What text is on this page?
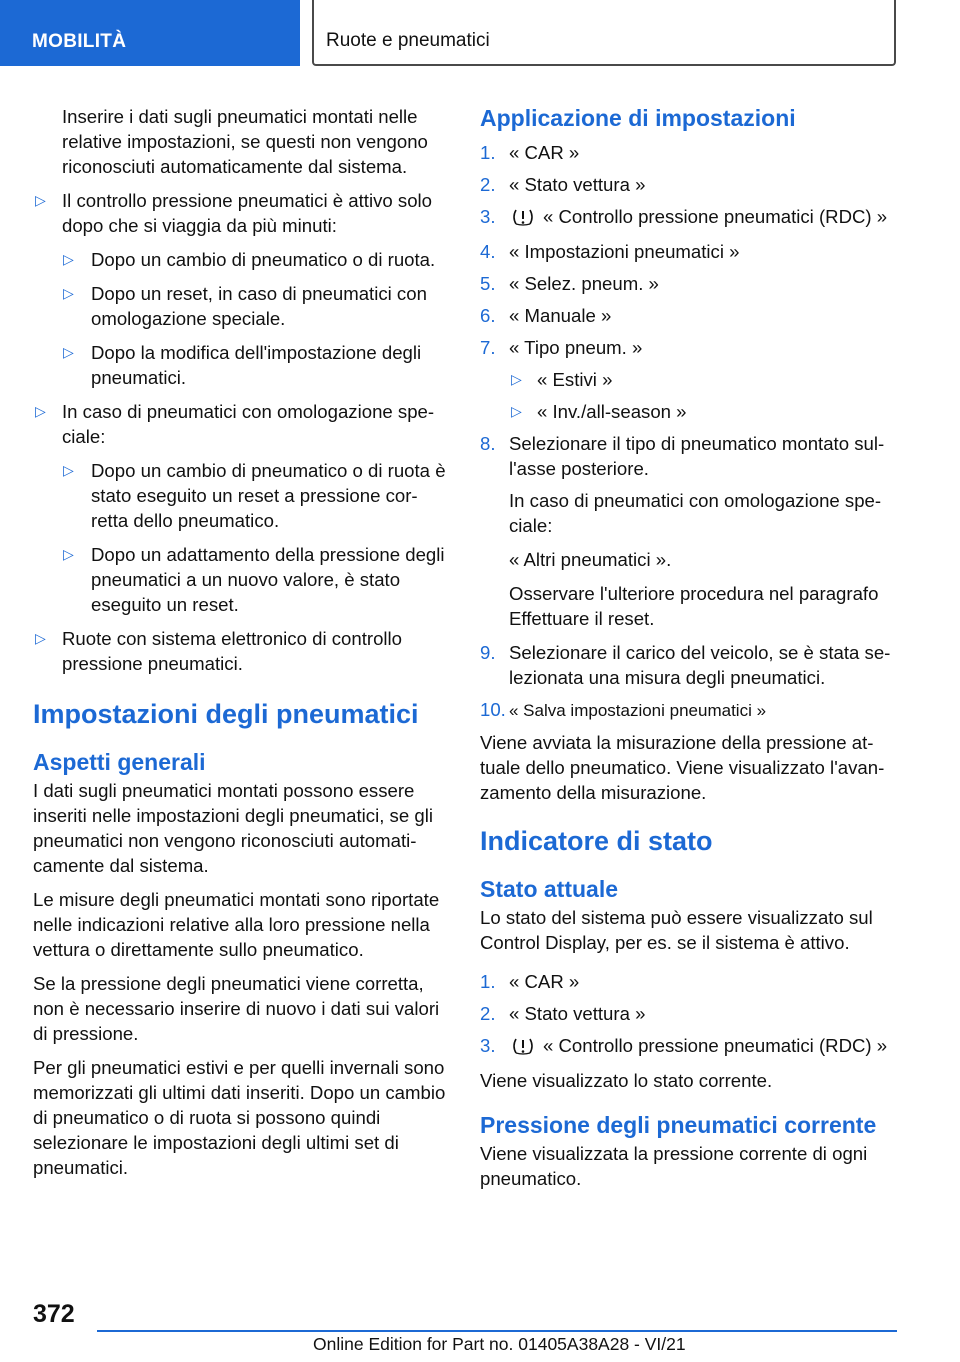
MOBILITÀ	Ruote e pneumatici

Inserire i dati sugli pneumatici montati nelle relative impostazioni, se questi non vengono riconosciuti automaticamente dal sistema.

▷ Il controllo pressione pneumatici è attivo solo dopo che si viaggia da più minuti:
▷ Dopo un cambio di pneumatico o di ruota.
▷ Dopo un reset, in caso di pneumatici con omologazione speciale.
▷ Dopo la modifica dell'impostazione degli pneumatici.
▷ In caso di pneumatici con omologazione speciale:
▷ Dopo un cambio di pneumatico o di ruota è stato eseguito un reset a pressione corretta dello pneumatico.
▷ Dopo un adattamento della pressione degli pneumatici a un nuovo valore, è stato eseguito un reset.
▷ Ruote con sistema elettronico di controllo pressione pneumatici.
Impostazioni degli pneumatici
Aspetti generali

I dati sugli pneumatici montati possono essere inseriti nelle impostazioni degli pneumatici, se gli pneumatici non vengono riconosciuti automaticamente dal sistema.

Le misure degli pneumatici montati sono riportate nelle indicazioni relative alla loro pressione nella vettura o direttamente sullo pneumatico.

Se la pressione degli pneumatici viene corretta, non è necessario inserire di nuovo i dati sui valori di pressione.

Per gli pneumatici estivi e per quelli invernali sono memorizzati gli ultimi dati inseriti. Dopo un cambio di pneumatico o di ruota si possono quindi selezionare le impostazioni degli ultimi set di pneumatici.

Applicazione di impostazioni
1. « CAR »
2. « Stato vettura »
3.	« Controllo pressione pneumatici (RDC) »
4. « Impostazioni pneumatici »
5. « Selez. pneum. »
6. « Manuale »
7. « Tipo pneum. »
▷ « Estivi »
▷ « Inv./all-season »
8. Selezionare il tipo di pneumatico montato sull'asse posteriore.

In caso di pneumatici con omologazione speciale:

« Altri pneumatici ».

Osservare l'ulteriore procedura nel paragrafo Effettuare il reset.

9. Selezionare il carico del veicolo, se è stata selezionata una misura degli pneumatici.
10. « Salva impostazioni pneumatici »

Viene avviata la misurazione della pressione attuale dello pneumatico. Viene visualizzato l'avanzamento della misurazione.

Indicatore di stato
Stato attuale

Lo stato del sistema può essere visualizzato sul Control Display, per es. se il sistema è attivo.

1. « CAR »
2. « Stato vettura »
3.	« Controllo pressione pneumatici (RDC) »

Viene visualizzato lo stato corrente.

Pressione degli pneumatici corrente

Viene visualizzata la pressione corrente di ogni pneumatico.

372
Online Edition for Part no. 01405A38A28 - VI/21
